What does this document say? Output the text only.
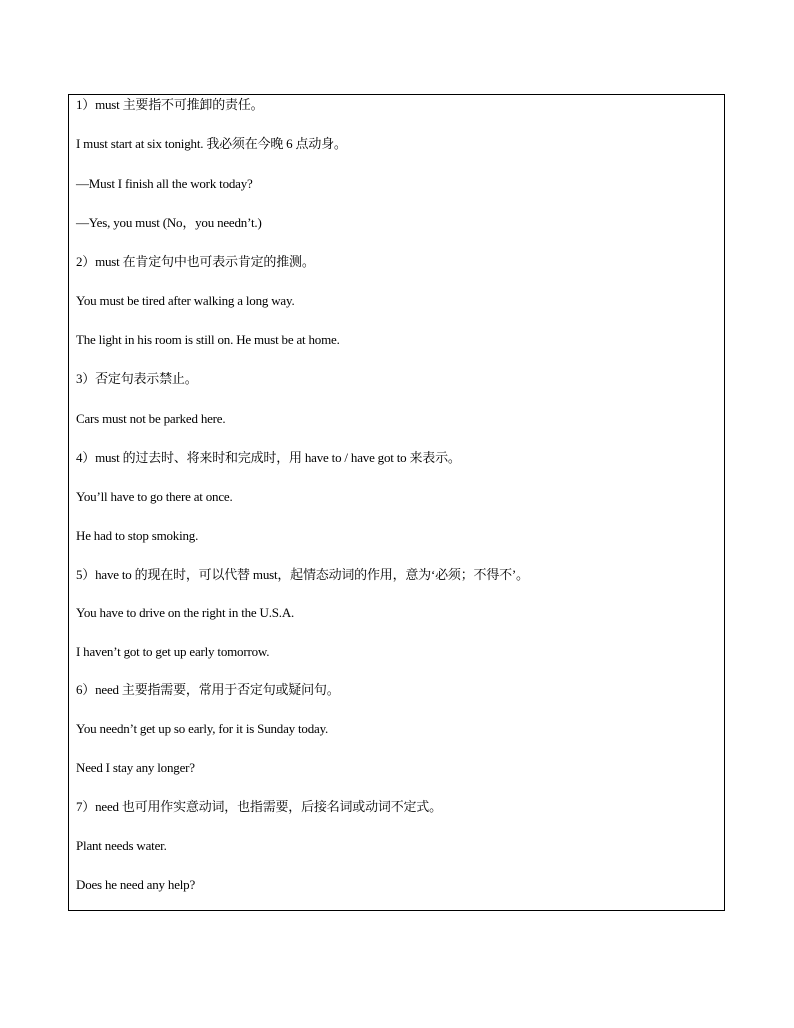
1）must 主要指不可推卸的责任。
I must start at six tonight. 我必须在今晚 6 点动身。
—Must I finish all the work today?
—Yes, you must (No，you needn’t.)
2）must 在肯定句中也可表示肯定的推测。
You must be tired after walking a long way.
The light in his room is still on. He must be at home.
3）否定句表示禁止。
Cars must not be parked here.
4）must 的过去时、将来时和完成时，用 have to / have got to 来表示。
You’ll have to go there at once.
He had to stop smoking.
5）have to 的现在时，可以代替 must，起情态动词的作用，意为‘必须；不得不’。
You have to drive on the right in the U.S.A.
I haven’t got to get up early tomorrow.
6）need 主要指需要，常用于否定句或疑问句。
You needn’t get up so early, for it is Sunday today.
Need I stay any longer?
7）need 也可用作实意动词，也指需要，后接名词或动词不定式。
Plant needs water.
Does he need any help?
